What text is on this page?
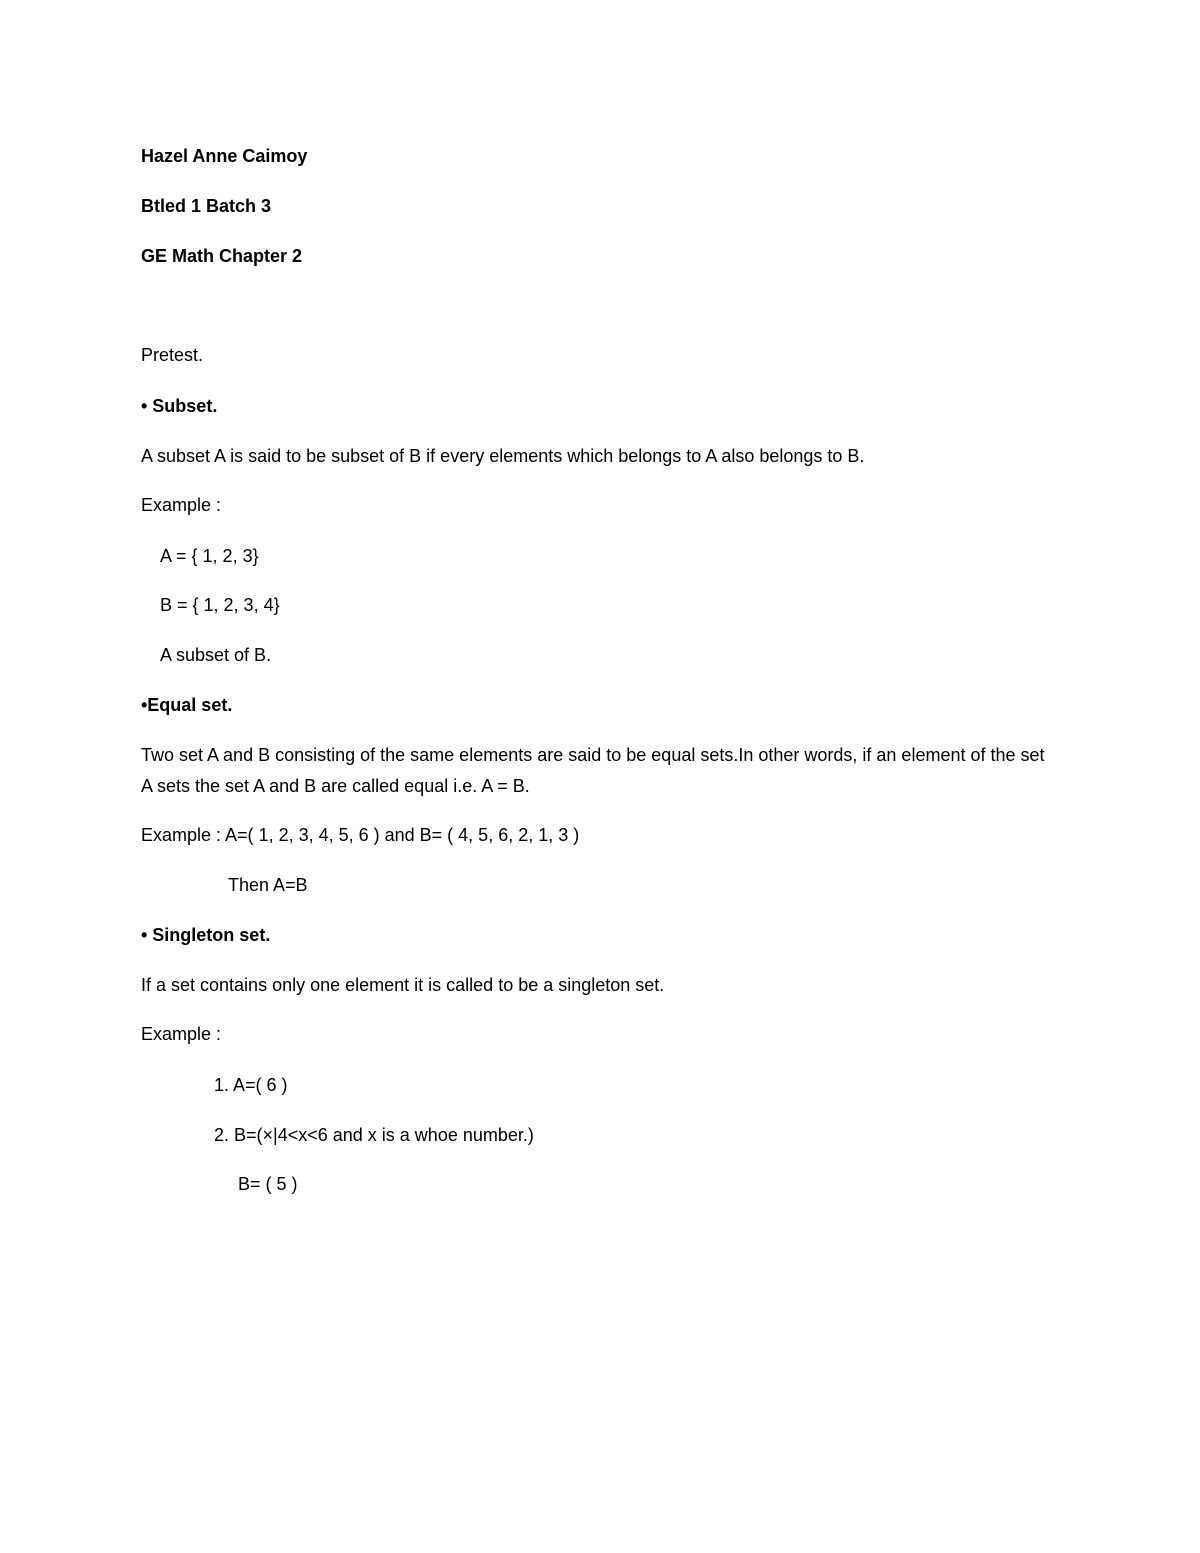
Hazel Anne Caimoy
Btled 1 Batch 3
GE Math Chapter 2
Pretest.
• Subset.
A subset A is said to be subset of B if every elements which belongs to A also belongs to B.
Example :
A = { 1, 2, 3}
B = { 1, 2, 3, 4}
A subset of B.
•Equal set.
Two set A and B consisting of the same elements are said to be equal sets.In other words, if an element of the set A sets the set A and B are called equal i.e. A = B.
Example : A=( 1, 2, 3, 4, 5, 6 ) and B= ( 4, 5, 6, 2, 1, 3 )
Then A=B
• Singleton set.
If a set contains only one element it is called to be a singleton set.
Example :
1. A=( 6 )
2. B=(×|4<x<6 and x is a whoe number.)
B= ( 5 )
